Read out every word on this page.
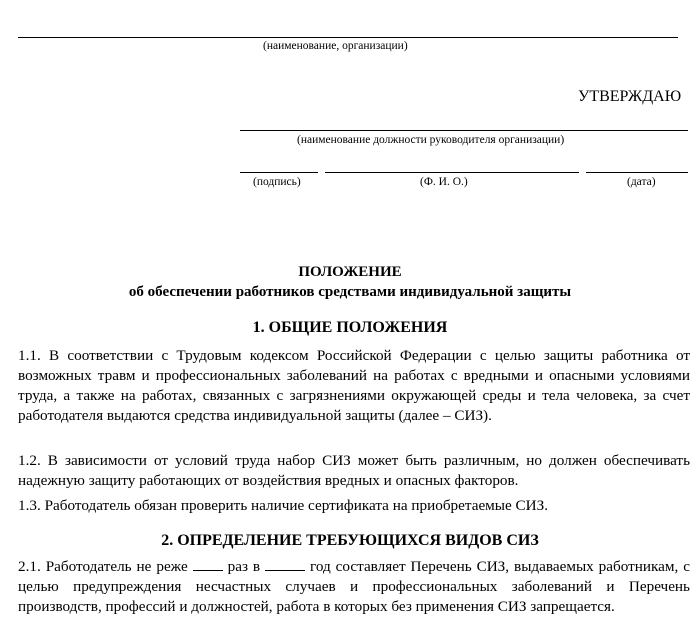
(наименование, организации)
УТВЕРЖДАЮ
(наименование должности руководителя организации)
(подпись)	(Ф. И. О.)	(дата)
ПОЛОЖЕНИЕ
об обеспечении работников средствами индивидуальной защиты
1. ОБЩИЕ ПОЛОЖЕНИЯ
1.1. В соответствии с Трудовым кодексом Российской Федерации с целью защиты работника от возможных травм и профессиональных заболеваний на работах с вредными и опасными условиями труда, а также на работах, связанных с загрязнениями окружающей среды и тела человека, за счет работодателя выдаются средства индивидуальной защиты (далее – СИЗ).
1.2. В зависимости от условий труда набор СИЗ может быть различным, но должен обеспечивать надежную защиту работающих от воздействия вредных и опасных факторов.
1.3. Работодатель обязан проверить наличие сертификата на приобретаемые СИЗ.
2. ОПРЕДЕЛЕНИЕ ТРЕБУЮЩИХСЯ ВИДОВ СИЗ
2.1. Работодатель не реже	раз в	год составляет Перечень СИЗ, выдаваемых работникам, с целью предупреждения несчастных случаев и профессиональных заболеваний и Перечень производств, профессий и должностей, работа в которых без применения СИЗ запрещается.
